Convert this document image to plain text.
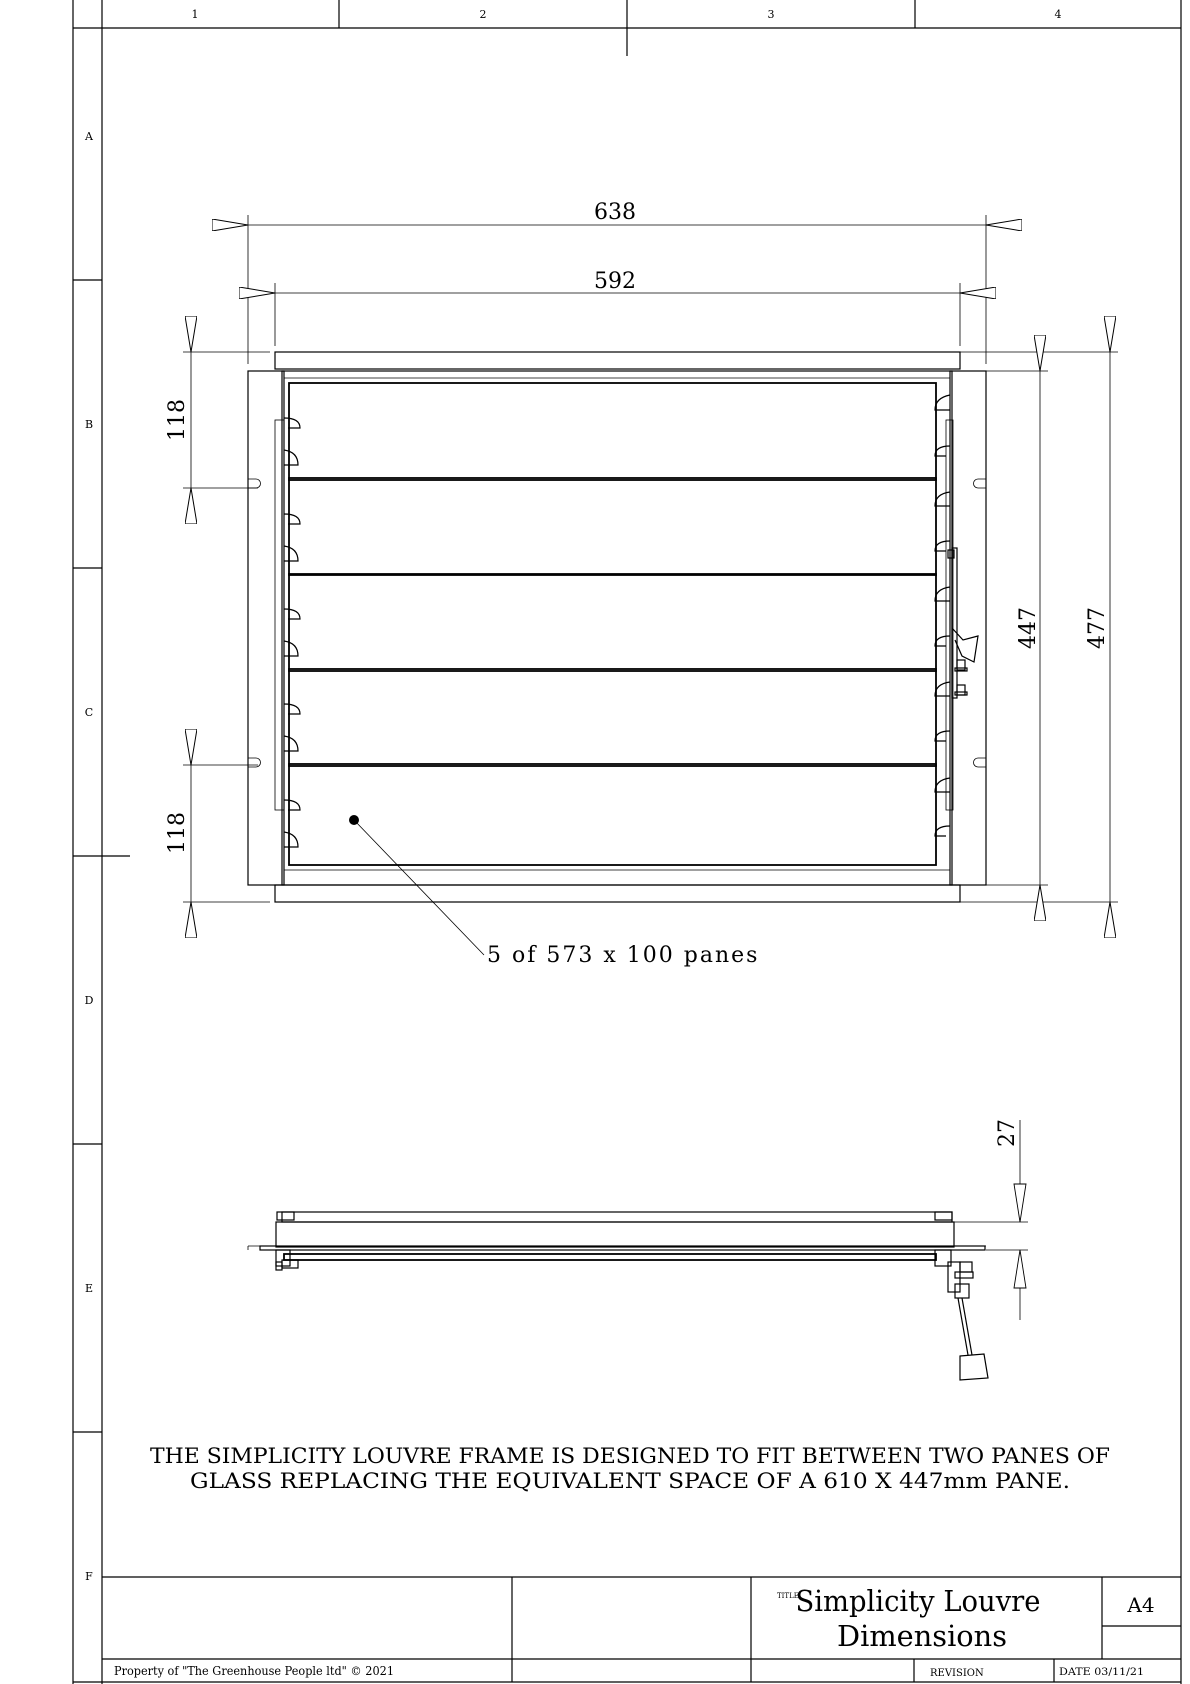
1	2	3	4
A
B
C
D
E
F
638
592
118
118
447 477
5 of 573 x 100 panes
27
THE SIMPLICITY LOUVRE FRAME IS DESIGNED TO FIT BETWEEN TWO PANES OF
GLASS REPLACING THE EQUIVALENT SPACE OF A 610 X 447mm PANE.
TITLE:
Simplicity Louvre
Dimensions
A4
Property of "The Greenhouse People ltd" © 2021	REVISION	DATE 03/11/21
